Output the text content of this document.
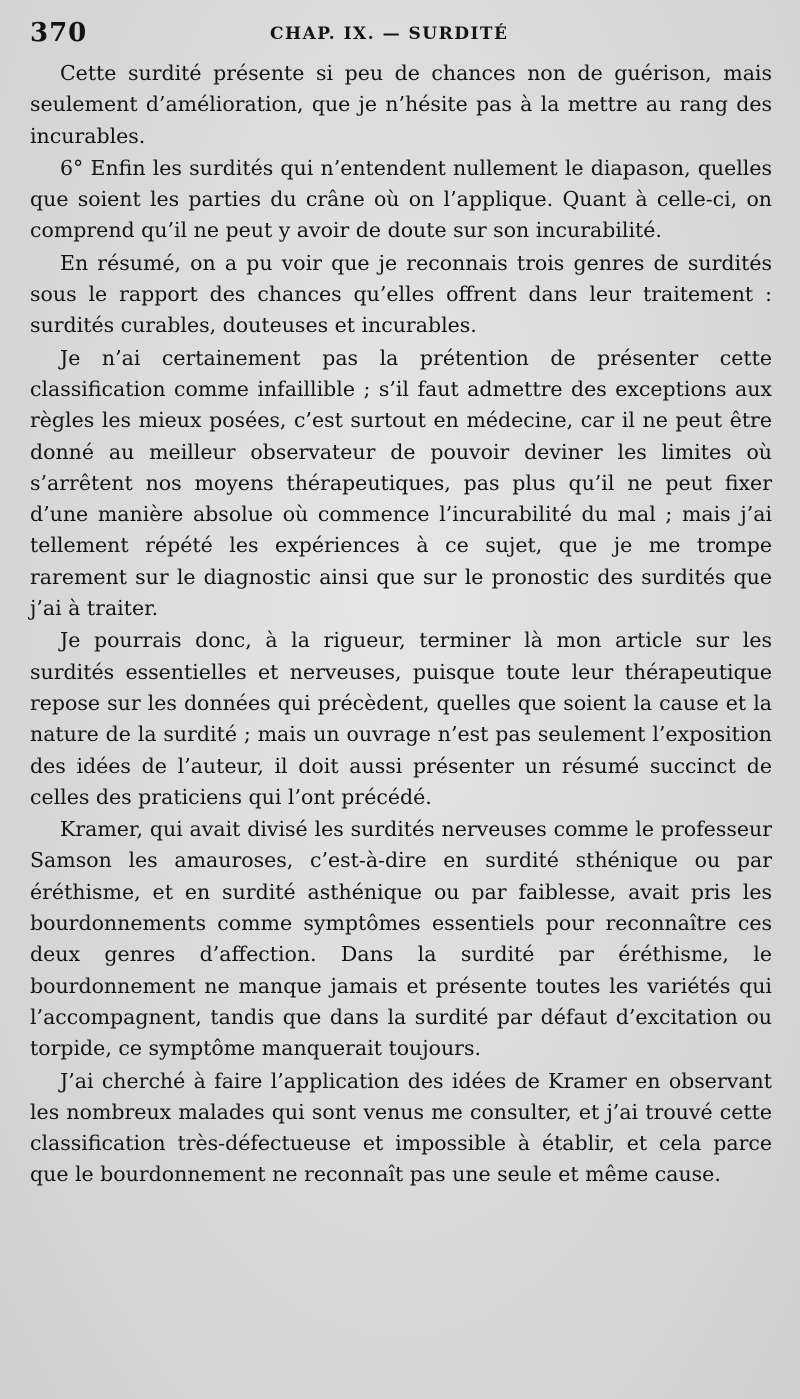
370	CHAP. IX. — SURDITÉ

Cette surdité présente si peu de chances non de guérison, mais seulement d’amélioration, que je n’hésite pas à la mettre au rang des incurables.

6° Enfin les surdités qui n’entendent nullement le diapason, quelles que soient les parties du crâne où on l’applique. Quant à celle-ci, on comprend qu’il ne peut y avoir de doute sur son incurabilité.

En résumé, on a pu voir que je reconnais trois genres de surdités sous le rapport des chances qu’elles offrent dans leur traitement : surdités curables, douteuses et incurables.

Je n’ai certainement pas la prétention de présenter cette classification comme infaillible ; s’il faut admettre des exceptions aux règles les mieux posées, c’est surtout en médecine, car il ne peut être donné au meilleur observateur de pouvoir deviner les limites où s’arrêtent nos moyens thérapeutiques, pas plus qu’il ne peut fixer d’une manière absolue où commence l’incurabilité du mal ; mais j’ai tellement répété les expériences à ce sujet, que je me trompe rarement sur le diagnostic ainsi que sur le pronostic des surdités que j’ai à traiter.

Je pourrais donc, à la rigueur, terminer là mon article sur les surdités essentielles et nerveuses, puisque toute leur thérapeutique repose sur les données qui précèdent, quelles que soient la cause et la nature de la surdité ; mais un ouvrage n’est pas seulement l’exposition des idées de l’auteur, il doit aussi présenter un résumé succinct de celles des praticiens qui l’ont précédé.

Kramer, qui avait divisé les surdités nerveuses comme le professeur Samson les amauroses, c’est-à-dire en surdité sthénique ou par éréthisme, et en surdité asthénique ou par faiblesse, avait pris les bourdonnements comme symptômes essentiels pour reconnaître ces deux genres d’affection. Dans la surdité par éréthisme, le bourdonnement ne manque jamais et présente toutes les variétés qui l’accompagnent, tandis que dans la surdité par défaut d’excitation ou torpide, ce symptôme manquerait toujours.

J’ai cherché à faire l’application des idées de Kramer en observant les nombreux malades qui sont venus me consulter, et j’ai trouvé cette classification très-défectueuse et impossible à établir, et cela parce que le bourdonnement ne reconnaît pas une seule et même cause.
